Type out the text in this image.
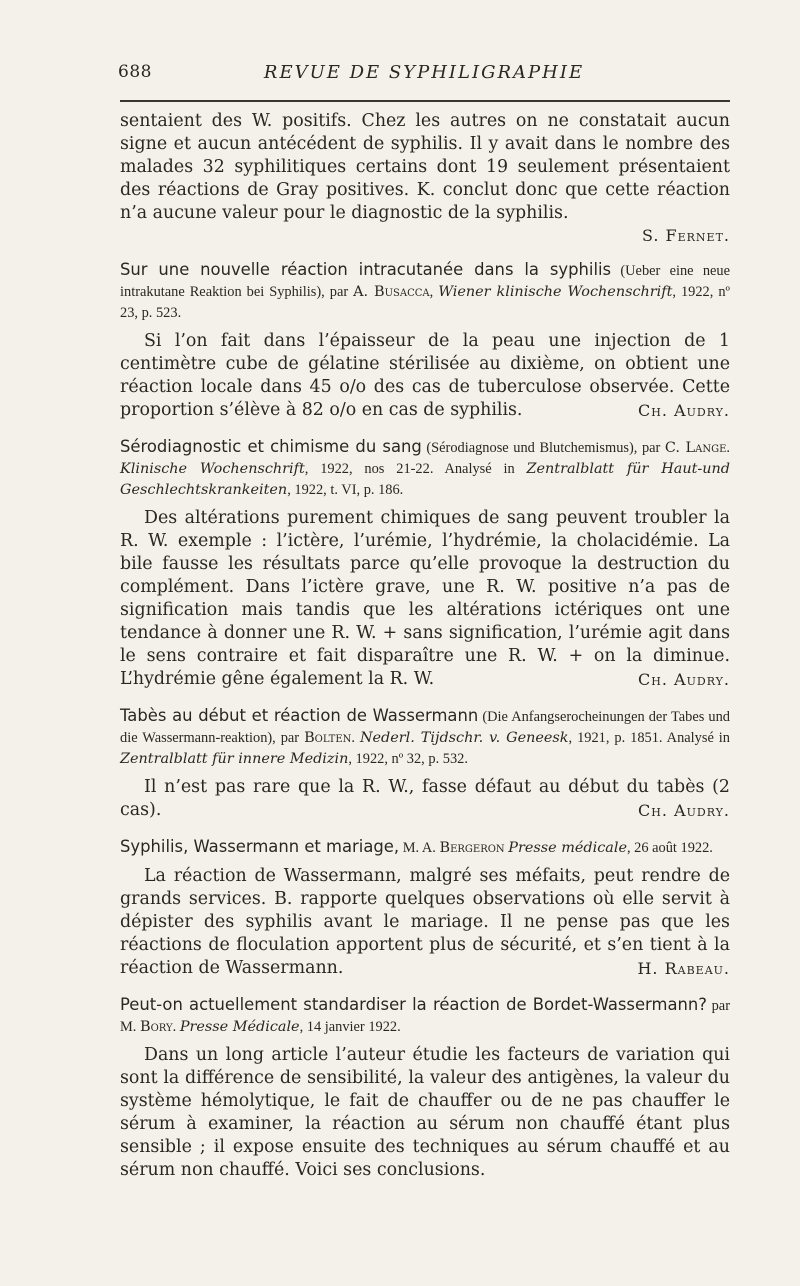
688	REVUE DE SYPHILIGRAPHIE

sentaient des W. positifs. Chez les autres on ne constatait aucun signe et aucun antécédent de syphilis. Il y avait dans le nombre des malades 32 syphilitiques certains dont 19 seulement présentaient des réactions de Gray positives. K. conclut donc que cette réaction n’a aucune valeur pour le diagnostic de la syphilis.

S. Fernet.

Sur une nouvelle réaction intracutanée dans la syphilis (Ueber eine neue intrakutane Reaktion bei Syphilis), par A. Busacca, Wiener klinische Wochenschrift, 1922, nº 23, p. 523.

Si l’on fait dans l’épaisseur de la peau une injection de 1 centimètre cube de gélatine stérilisée au dixième, on obtient une réaction locale dans 45 o/o des cas de tuberculose observée. Cette proportion s’élève à 82 o/o en cas de syphilis.	Ch. Audry.

Sérodiagnostic et chimisme du sang (Sérodiagnose und Blutchemismus), par C. Lange. Klinische Wochenschrift, 1922, nos 21-22. Analysé in Zentralblatt für Haut-und Geschlechtskrankeiten, 1922, t. VI, p. 186.

Des altérations purement chimiques de sang peuvent troubler la R. W. exemple : l’ictère, l’urémie, l’hydrémie, la cholacidémie. La bile fausse les résultats parce qu’elle provoque la destruction du complément. Dans l’ictère grave, une R. W. positive n’a pas de signification mais tandis que les altérations ictériques ont une tendance à donner une R. W. + sans signification, l’urémie agit dans le sens contraire et fait disparaître une R. W. + on la diminue. L’hydrémie gêne également la R. W.	Ch. Audry.

Tabès au début et réaction de Wassermann (Die Anfangserocheinungen der Tabes und die Wassermann-reaktion), par Bolten. Nederl. Tijdschr. v. Geneesk, 1921, p. 1851. Analysé in Zentralblatt für innere Medizin, 1922, nº 32, p. 532.

Il n’est pas rare que la R. W., fasse défaut au début du tabès (2 cas).	Ch. Audry.

Syphilis, Wassermann et mariage, M. A. Bergeron Presse médicale, 26 août 1922.

La réaction de Wassermann, malgré ses méfaits, peut rendre de grands services. B. rapporte quelques observations où elle servit à dépister des syphilis avant le mariage. Il ne pense pas que les réactions de floculation apportent plus de sécurité, et s’en tient à la réaction de Wassermann.	H. Rabeau.

Peut-on actuellement standardiser la réaction de Bordet-Wassermann? par M. Bory. Presse Médicale, 14 janvier 1922.

Dans un long article l’auteur étudie les facteurs de variation qui sont la différence de sensibilité, la valeur des antigènes, la valeur du système hémolytique, le fait de chauffer ou de ne pas chauffer le sérum à examiner, la réaction au sérum non chauffé étant plus sensible ; il expose ensuite des techniques au sérum chauffé et au sérum non chauffé. Voici ses conclusions.
